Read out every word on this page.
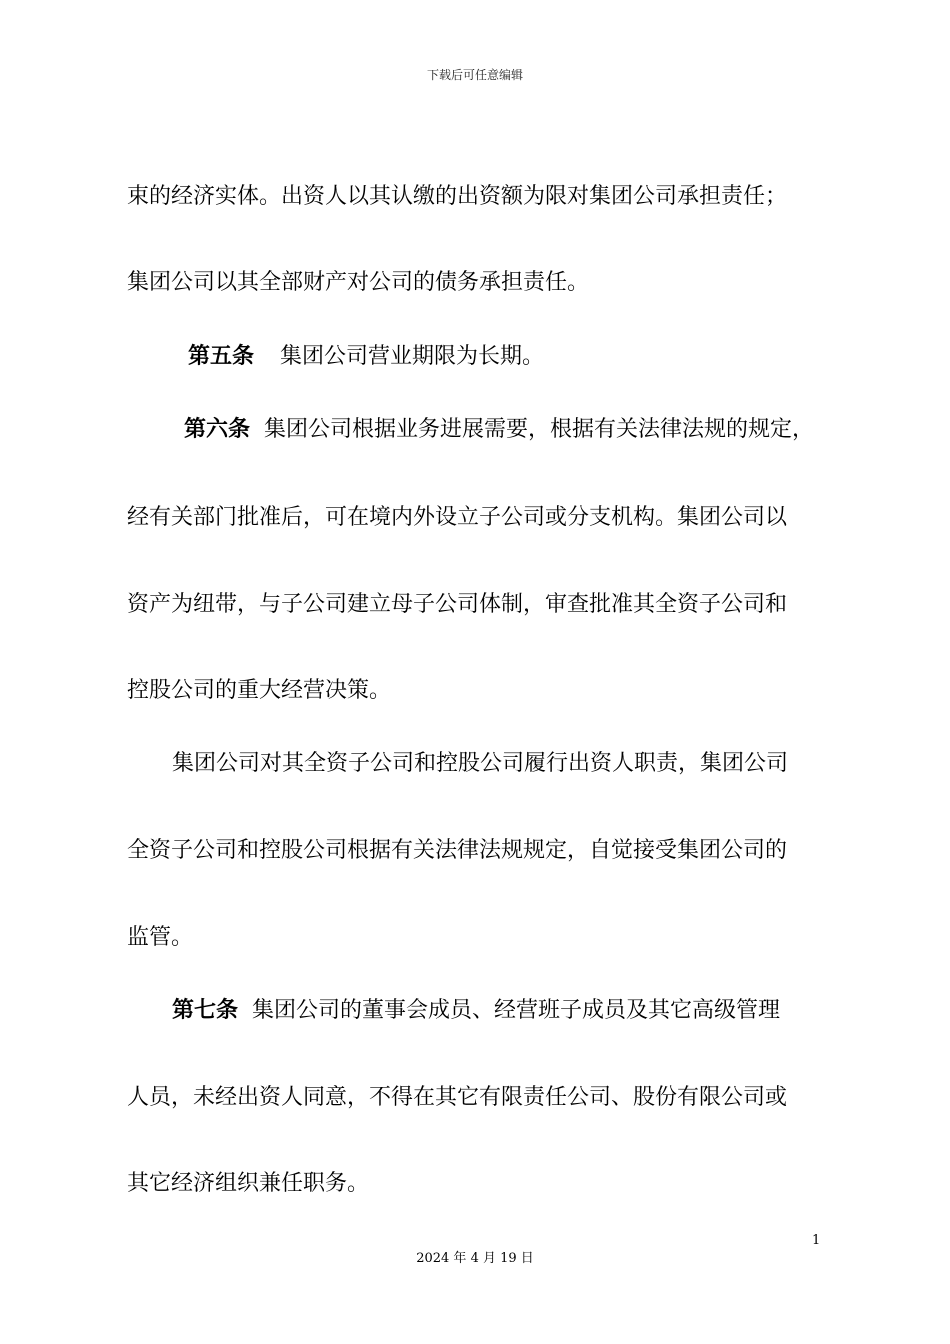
下载后可任意编辑
束的经济实体。出资人以其认缴的出资额为限对集团公司承担责任；
集团公司以其全部财产对公司的债务承担责任。
第五条 集团公司营业期限为长期。
第六条 集团公司根据业务进展需要，根据有关法律法规的规定，
经有关部门批准后，可在境内外设立子公司或分支机构。集团公司以
资产为纽带，与子公司建立母子公司体制，审查批准其全资子公司和
控股公司的重大经营决策。
集团公司对其全资子公司和控股公司履行出资人职责，集团公司
全资子公司和控股公司根据有关法律法规规定，自觉接受集团公司的
监管。
第七条 集团公司的董事会成员、经营班子成员及其它高级管理
人员，未经出资人同意，不得在其它有限责任公司、股份有限公司或
其它经济组织兼任职务。
1
2024 年 4 月 19 日
